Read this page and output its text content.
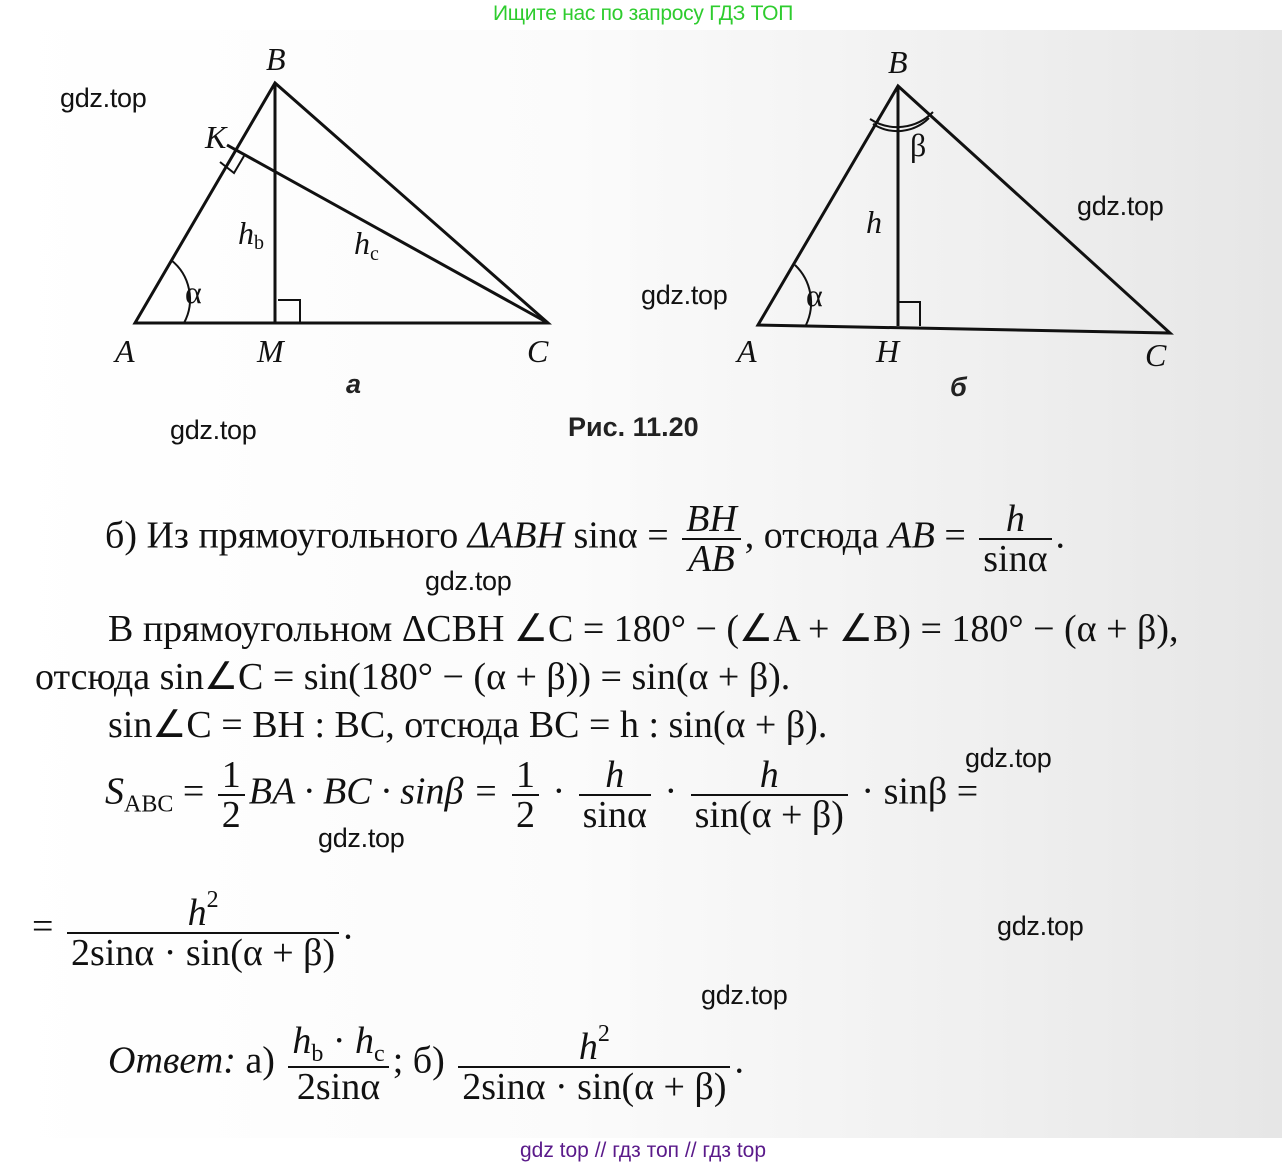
Ищите нас по запросу ГДЗ ТОП
B
K
A	M	C
hb	hc
α
B
A	H	C
h
α
β
а	б
Рис. 11.20
gdz.top
gdz.top
gdz.top
gdz.top
gdz.top
gdz.top
gdz.top
gdz.top
gdz.top
б) Из прямоугольного ΔABH $\sin\alpha = \frac{BH}{AB}$ , отсюда AB = $\frac{h}{\sin\alpha}$ .
В прямоугольном ΔCBH ∠C = 180° − (∠A + ∠B) = 180° − (α + β),
отсюда sin∠C = sin(180° − (α + β)) = sin(α + β).
sin∠C = BH : BC, отсюда BC = h : sin(α + β).
$S_{ABC} = \frac{1}{2}$ BA · BC · $\sin\beta = \frac{1}{2} \cdot \frac{h}{\sin\alpha} \cdot \frac{h}{\sin(\alpha + \beta)} \cdot \sin\beta$ =
= $\frac{h^2}{2\sin\alpha \cdot \sin(\alpha + \beta)}$ .
Ответ: $а) \frac{h_b \cdot h_c}{2\sin\alpha}$ ; $б) \frac{h^2}{2\sin\alpha \cdot \sin(\alpha + \beta)}$ .
gdz top // гдз топ // гдз top
